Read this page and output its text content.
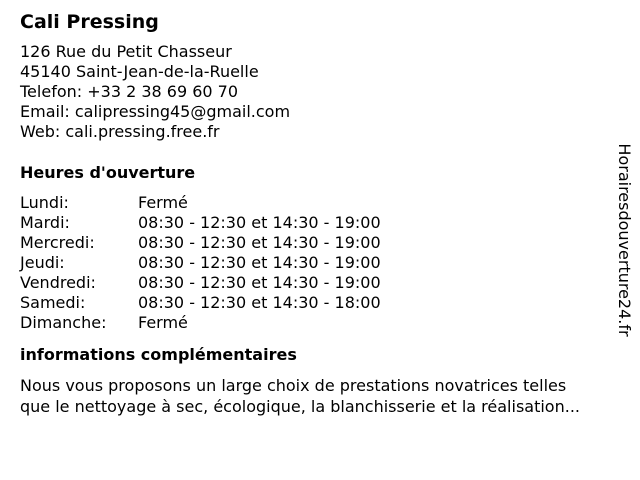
Cali Pressing
126 Rue du Petit Chasseur
45140 Saint-Jean-de-la-Ruelle
Telefon: +33 2 38 69 60 70
Email: calipressing45@gmail.com
Web: cali.pressing.free.fr
Heures d'ouverture
Lundi:	Fermé
Mardi:	08:30 - 12:30 et 14:30 - 19:00
Mercredi:	08:30 - 12:30 et 14:30 - 19:00
Jeudi:	08:30 - 12:30 et 14:30 - 19:00
Vendredi:	08:30 - 12:30 et 14:30 - 19:00
Samedi:	08:30 - 12:30 et 14:30 - 18:00
Dimanche:	Fermé
informations complémentaires
Nous vous proposons un large choix de prestations novatrices telles
que le nettoyage à sec, écologique, la blanchisserie et la réalisation...
Horairesdouverture24.fr
